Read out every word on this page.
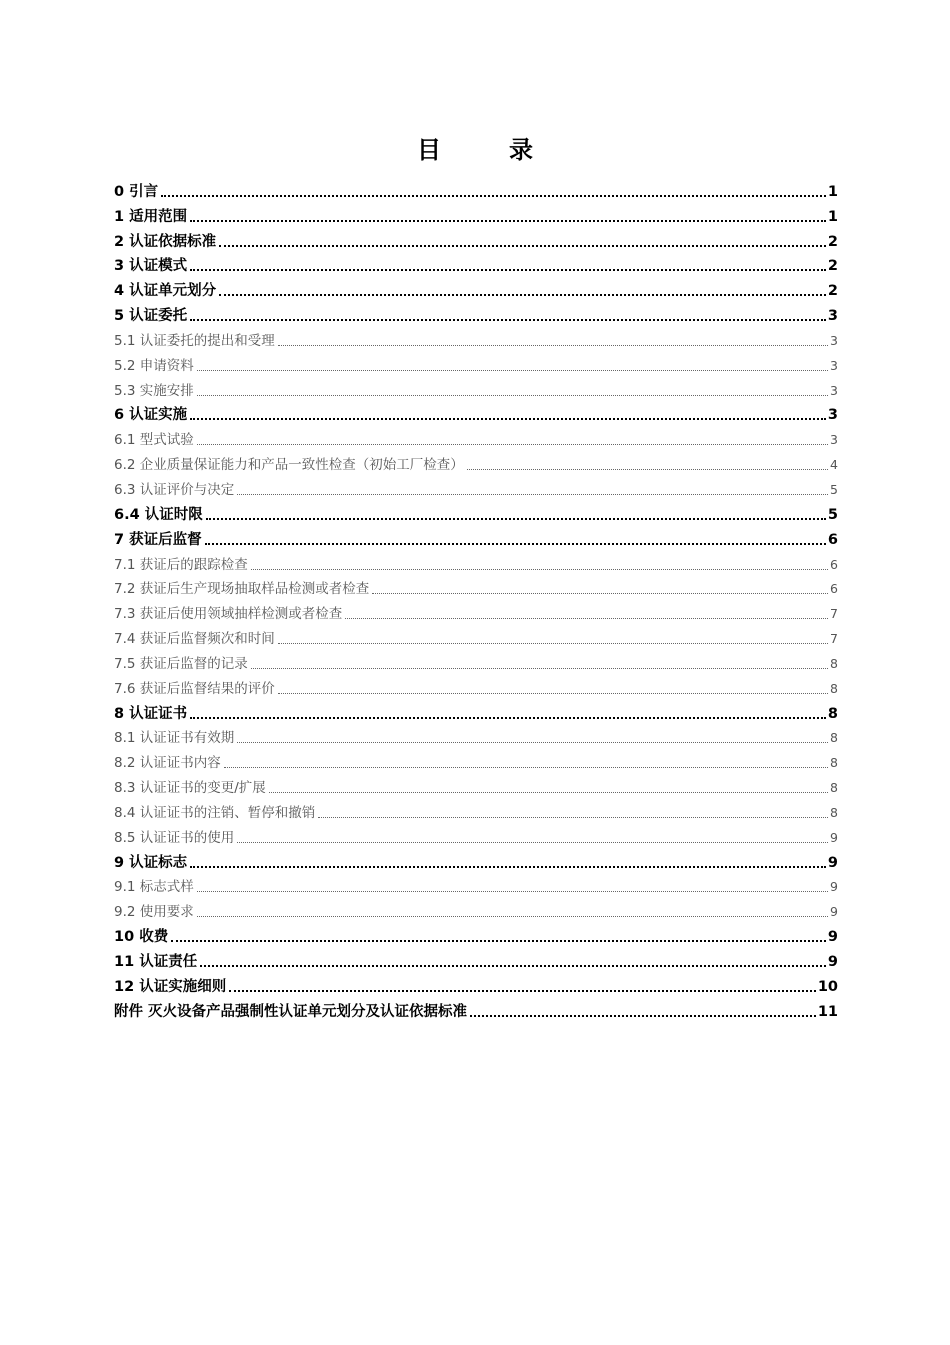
目　录
0 引言	1
1 适用范围	1
2 认证依据标准	2
3 认证模式	2
4 认证单元划分	2
5 认证委托	3
5.1 认证委托的提出和受理	3
5.2 申请资料	3
5.3 实施安排	3
6 认证实施	3
6.1 型式试验	3
6.2 企业质量保证能力和产品一致性检查（初始工厂检查）	4
6.3 认证评价与决定	5
6.4 认证时限	5
7 获证后监督	6
7.1 获证后的跟踪检查	6
7.2 获证后生产现场抽取样品检测或者检查	6
7.3 获证后使用领域抽样检测或者检查	7
7.4 获证后监督频次和时间	7
7.5 获证后监督的记录	8
7.6 获证后监督结果的评价	8
8 认证证书	8
8.1 认证证书有效期	8
8.2 认证证书内容	8
8.3 认证证书的变更/扩展	8
8.4 认证证书的注销、暂停和撤销	8
8.5 认证证书的使用	9
9 认证标志	9
9.1 标志式样	9
9.2 使用要求	9
10 收费	9
11 认证责任	9
12 认证实施细则	10
附件 灭火设备产品强制性认证单元划分及认证依据标准	11
